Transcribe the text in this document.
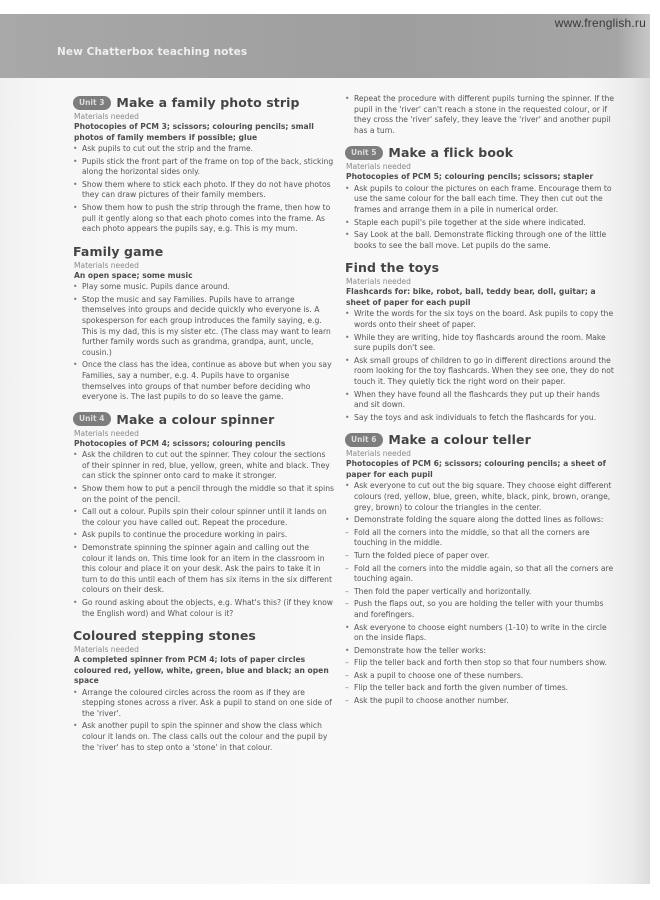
www.frenglish.ru
New Chatterbox teaching notes
Unit 3 Make a family photo strip
Materials needed
Photocopies of PCM 3; scissors; colouring pencils; small photos of family members if possible; glue
• Ask pupils to cut out the strip and the frame.
• Pupils stick the front part of the frame on top of the back, sticking along the horizontal sides only.
• Show them where to stick each photo. If they do not have photos they can draw pictures of their family members.
• Show them how to push the strip through the frame, then how to pull it gently along so that each photo comes into the frame. As each photo appears the pupils say, e.g. This is my mum.
Family game
Materials needed
An open space; some music
• Play some music. Pupils dance around.
• Stop the music and say Families. Pupils have to arrange themselves into groups and decide quickly who everyone is. A spokesperson for each group introduces the family saying, e.g. This is my dad, this is my sister etc. (The class may want to learn further family words such as grandma, grandpa, aunt, uncle, cousin.)
• Once the class has the idea, continue as above but when you say Families, say a number, e.g. 4. Pupils have to organise themselves into groups of that number before deciding who everyone is. The last pupils to do so leave the game.
Unit 4 Make a colour spinner
Materials needed
Photocopies of PCM 4; scissors; colouring pencils
• Ask the children to cut out the spinner. They colour the sections of their spinner in red, blue, yellow, green, white and black. They can stick the spinner onto card to make it stronger.
• Show them how to put a pencil through the middle so that it spins on the point of the pencil.
• Call out a colour. Pupils spin their colour spinner until it lands on the colour you have called out. Repeat the procedure.
• Ask pupils to continue the procedure working in pairs.
• Demonstrate spinning the spinner again and calling out the colour it lands on. This time look for an item in the classroom in this colour and place it on your desk. Ask the pairs to take it in turn to do this until each of them has six items in the six different colours on their desk.
• Go round asking about the objects, e.g. What's this? (if they know the English word) and What colour is it?
Coloured stepping stones
Materials needed
A completed spinner from PCM 4; lots of paper circles coloured red, yellow, white, green, blue and black; an open space
• Arrange the coloured circles across the room as if they are stepping stones across a river. Ask a pupil to stand on one side of the 'river'.
• Ask another pupil to spin the spinner and show the class which colour it lands on. The class calls out the colour and the pupil by the 'river' has to step onto a 'stone' in that colour.
• Repeat the procedure with different pupils turning the spinner. If the pupil in the 'river' can't reach a stone in the requested colour, or if they cross the 'river' safely, they leave the 'river' and another pupil has a turn.
Unit 5 Make a flick book
Materials needed
Photocopies of PCM 5; colouring pencils; scissors; stapler
• Ask pupils to colour the pictures on each frame. Encourage them to use the same colour for the ball each time. They then cut out the frames and arrange them in a pile in numerical order.
• Staple each pupil's pile together at the side where indicated.
• Say Look at the ball. Demonstrate flicking through one of the little books to see the ball move. Let pupils do the same.
Find the toys
Materials needed
Flashcards for: bike, robot, ball, teddy bear, doll, guitar; a sheet of paper for each pupil
• Write the words for the six toys on the board. Ask pupils to copy the words onto their sheet of paper.
• While they are writing, hide toy flashcards around the room. Make sure pupils don't see.
• Ask small groups of children to go in different directions around the room looking for the toy flashcards. When they see one, they do not touch it. They quietly tick the right word on their paper.
• When they have found all the flashcards they put up their hands and sit down.
• Say the toys and ask individuals to fetch the flashcards for you.
Unit 6 Make a colour teller
Materials needed
Photocopies of PCM 6; scissors; colouring pencils; a sheet of paper for each pupil
• Ask everyone to cut out the big square. They choose eight different colours (red, yellow, blue, green, white, black, pink, brown, orange, grey, brown) to colour the triangles in the center.
• Demonstrate folding the square along the dotted lines as follows:
– Fold all the corners into the middle, so that all the corners are touching in the middle.
– Turn the folded piece of paper over.
– Fold all the corners into the middle again, so that all the corners are touching again.
– Then fold the paper vertically and horizontally.
– Push the flaps out, so you are holding the teller with your thumbs and forefingers.
• Ask everyone to choose eight numbers (1-10) to write in the circle on the inside flaps.
• Demonstrate how the teller works:
– Flip the teller back and forth then stop so that four numbers show.
– Ask a pupil to choose one of these numbers.
– Flip the teller back and forth the given number of times.
– Ask the pupil to choose another number.
